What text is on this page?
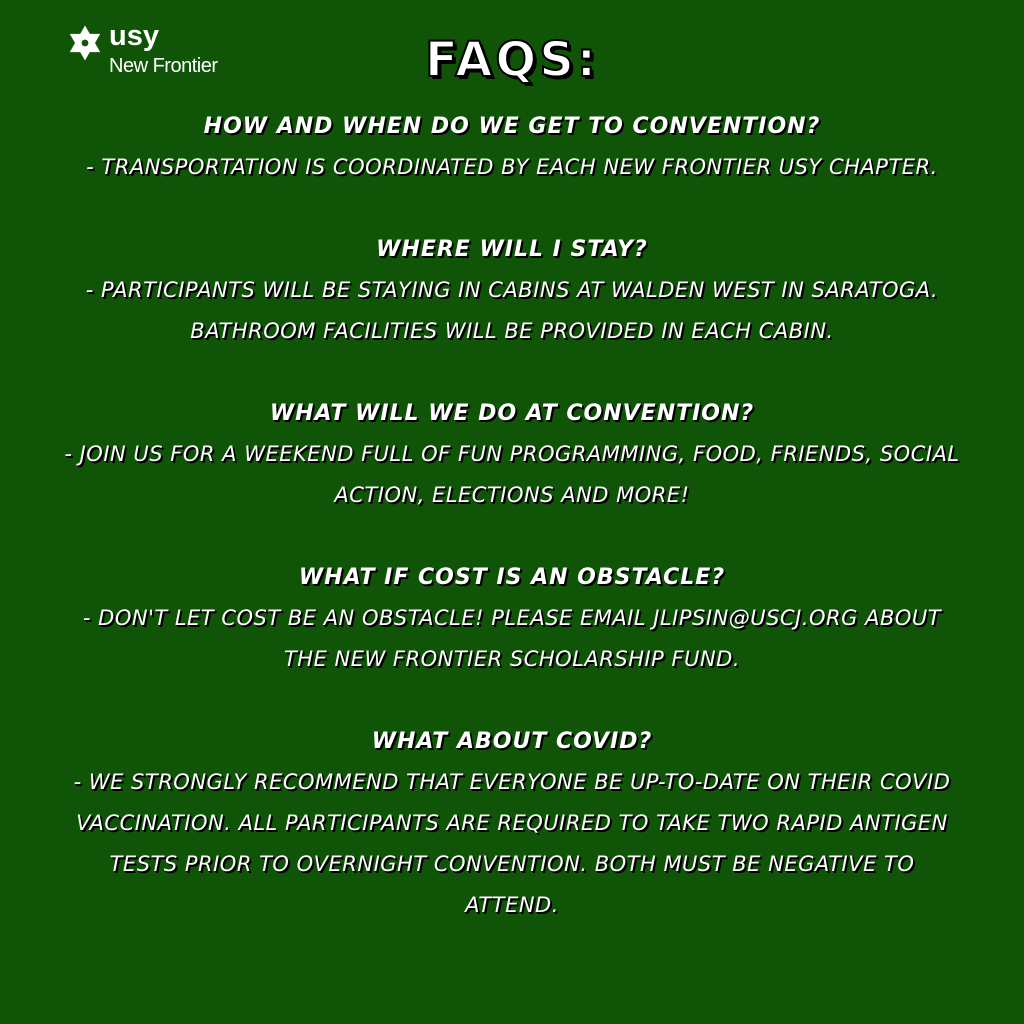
usy
New Frontier	FAQS:
HOW AND WHEN DO WE GET TO CONVENTION?
- TRANSPORTATION IS COORDINATED BY EACH NEW FRONTIER USY CHAPTER.
WHERE WILL I STAY?
- PARTICIPANTS WILL BE STAYING IN CABINS AT WALDEN WEST IN SARATOGA. BATHROOM FACILITIES WILL BE PROVIDED IN EACH CABIN.
WHAT WILL WE DO AT CONVENTION?
- JOIN US FOR A WEEKEND FULL OF FUN PROGRAMMING, FOOD, FRIENDS, SOCIAL ACTION, ELECTIONS AND MORE!
WHAT IF COST IS AN OBSTACLE?
- DON'T LET COST BE AN OBSTACLE! PLEASE EMAIL JLIPSIN@USCJ.ORG ABOUT THE NEW FRONTIER SCHOLARSHIP FUND.
WHAT ABOUT COVID?
- WE STRONGLY RECOMMEND THAT EVERYONE BE UP-TO-DATE ON THEIR COVID VACCINATION. ALL PARTICIPANTS ARE REQUIRED TO TAKE TWO RAPID ANTIGEN TESTS PRIOR TO OVERNIGHT CONVENTION. BOTH MUST BE NEGATIVE TO ATTEND.
